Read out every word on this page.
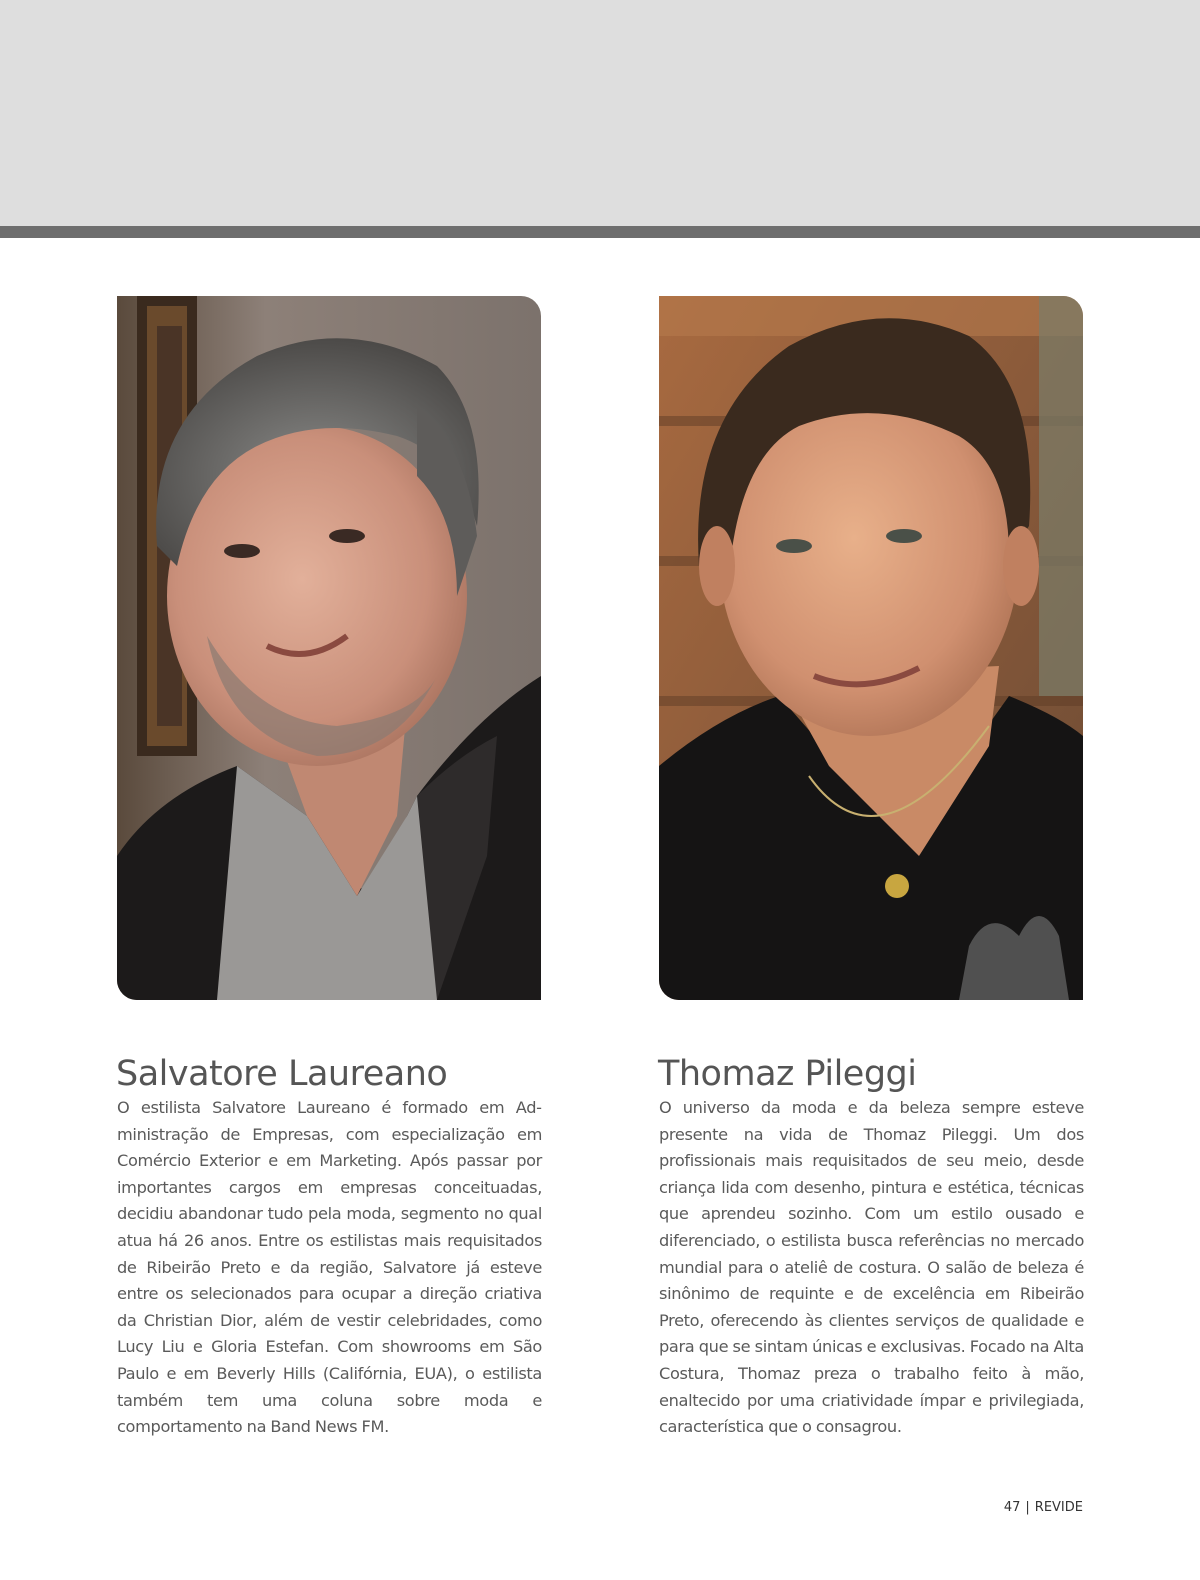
Salvatore Laureano

O estilista Salvatore Laureano é formado em Administração de Empresas, com especialização em Comércio Exterior e em Marketing. Após passar por importantes cargos em empresas conceituadas, decidiu abandonar tudo pela moda, segmento no qual atua há 26 anos. Entre os estilistas mais requisitados de Ribeirão Preto e da região, Salvatore já esteve entre os selecionados para ocupar a direção criativa da Christian Dior, além de vestir celebridades, como Lucy Liu e Gloria Estefan. Com showrooms em São Paulo e em Beverly Hills (Califórnia, EUA), o estilista também tem uma coluna sobre moda e comportamento na Band News FM.

Thomaz Pileggi

O universo da moda e da beleza sempre esteve presente na vida de Thomaz Pileggi. Um dos profissionais mais requisitados de seu meio, desde criança lida com desenho, pintura e estética, técnicas que aprendeu sozinho. Com um estilo ousado e diferenciado, o estilista busca referências no mercado mundial para o ateliê de costura. O salão de beleza é sinônimo de requinte e de excelência em Ribeirão Preto, oferecendo às clientes serviços de qualidade e para que se sintam únicas e exclusivas. Focado na Alta Costura, Thomaz preza o trabalho feito à mão, enaltecido por uma criatividade ímpar e privilegiada, característica que o consagrou.

47 | REVIDE
